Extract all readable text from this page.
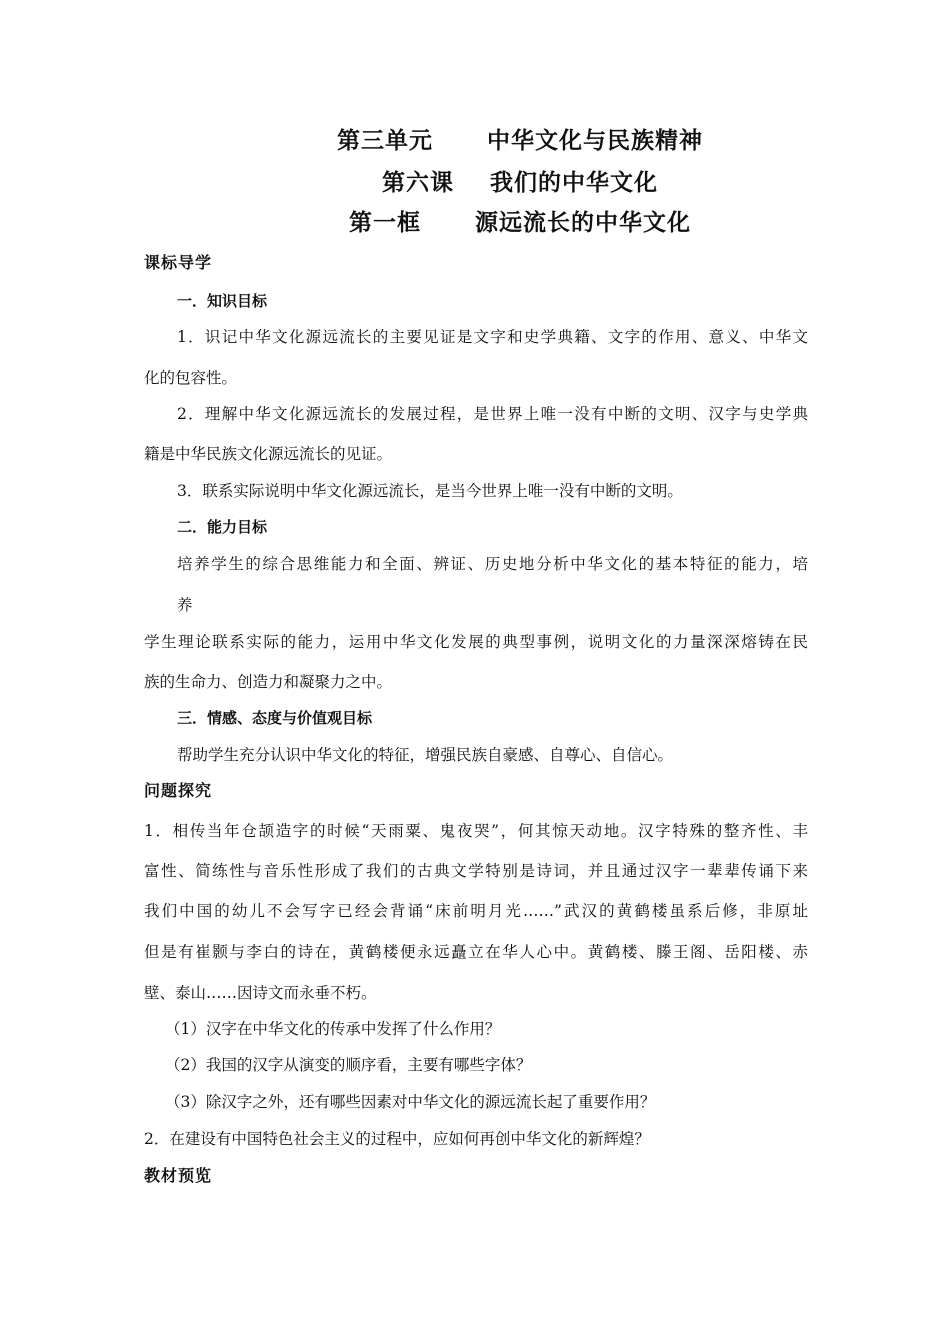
第三单元      中华文化与民族精神
第六课    我们的中华文化
第一框      源远流长的中华文化
课标导学
一．知识目标
1．识记中华文化源远流长的主要见证是文字和史学典籍、文字的作用、意义、中华文
化的包容性。
2．理解中华文化源远流长的发展过程，是世界上唯一没有中断的文明、汉字与史学典
籍是中华民族文化源远流长的见证。
3．联系实际说明中华文化源远流长，是当今世界上唯一没有中断的文明。
二．能力目标
培养学生的综合思维能力和全面、辨证、历史地分析中华文化的基本特征的能力，培
养
学生理论联系实际的能力，运用中华文化发展的典型事例，说明文化的力量深深熔铸在民
族的生命力、创造力和凝聚力之中。
三．情感、态度与价值观目标
帮助学生充分认识中华文化的特征，增强民族自豪感、自尊心、自信心。
问题探究
1．相传当年仓颉造字的时候“天雨粟、鬼夜哭”，何其惊天动地。汉字特殊的整齐性、丰
富性、简练性与音乐性形成了我们的古典文学特别是诗词，并且通过汉字一辈辈传诵下来
我们中国的幼儿不会写字已经会背诵“床前明月光……”武汉的黄鹤楼虽系后修，非原址
但是有崔颢与李白的诗在，黄鹤楼便永远矗立在华人心中。黄鹤楼、滕王阁、岳阳楼、赤
壁、泰山……因诗文而永垂不朽。
（1）汉字在中华文化的传承中发挥了什么作用？
（2）我国的汉字从演变的顺序看，主要有哪些字体？
（3）除汉字之外，还有哪些因素对中华文化的源远流长起了重要作用？
2．在建设有中国特色社会主义的过程中，应如何再创中华文化的新辉煌？
教材预览
